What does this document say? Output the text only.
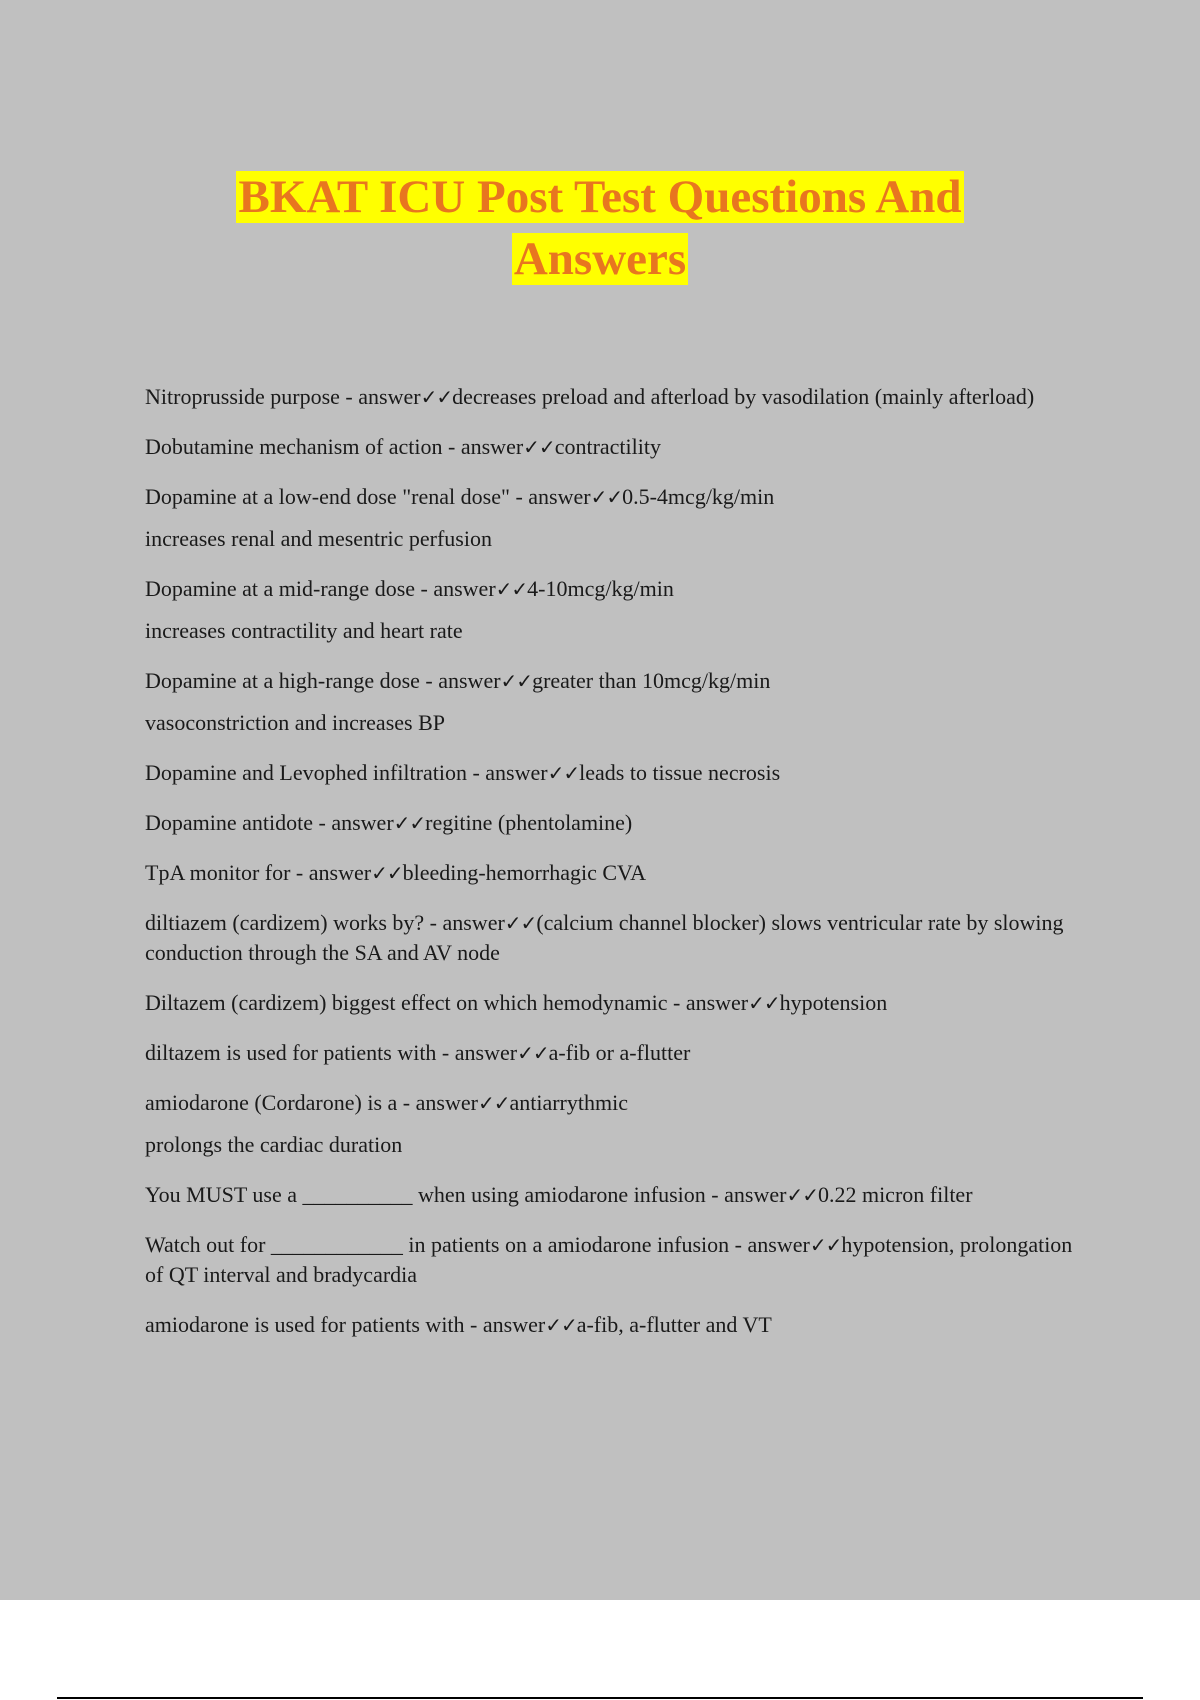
BKAT ICU Post Test Questions And
Answers
Nitroprusside purpose - answer✓✓decreases preload and afterload by vasodilation (mainly afterload)
Dobutamine mechanism of action - answer✓✓contractility
Dopamine at a low-end dose "renal dose" - answer✓✓0.5-4mcg/kg/min
increases renal and mesentric perfusion
Dopamine at a mid-range dose - answer✓✓4-10mcg/kg/min
increases contractility and heart rate
Dopamine at a high-range dose - answer✓✓greater than 10mcg/kg/min
vasoconstriction and increases BP
Dopamine and Levophed infiltration - answer✓✓leads to tissue necrosis
Dopamine antidote - answer✓✓regitine (phentolamine)
TpA monitor for - answer✓✓bleeding-hemorrhagic CVA
diltiazem (cardizem) works by? - answer✓✓(calcium channel blocker) slows ventricular rate by slowing conduction through the SA and AV node
Diltazem (cardizem) biggest effect on which hemodynamic - answer✓✓hypotension
diltazem is used for patients with - answer✓✓a-fib or a-flutter
amiodarone (Cordarone) is a - answer✓✓antiarrythmic
prolongs the cardiac duration
You MUST use a __________ when using amiodarone infusion - answer✓✓0.22 micron filter
Watch out for ____________ in patients on a amiodarone infusion - answer✓✓hypotension, prolongation of QT interval and bradycardia
amiodarone is used for patients with - answer✓✓a-fib, a-flutter and VT
